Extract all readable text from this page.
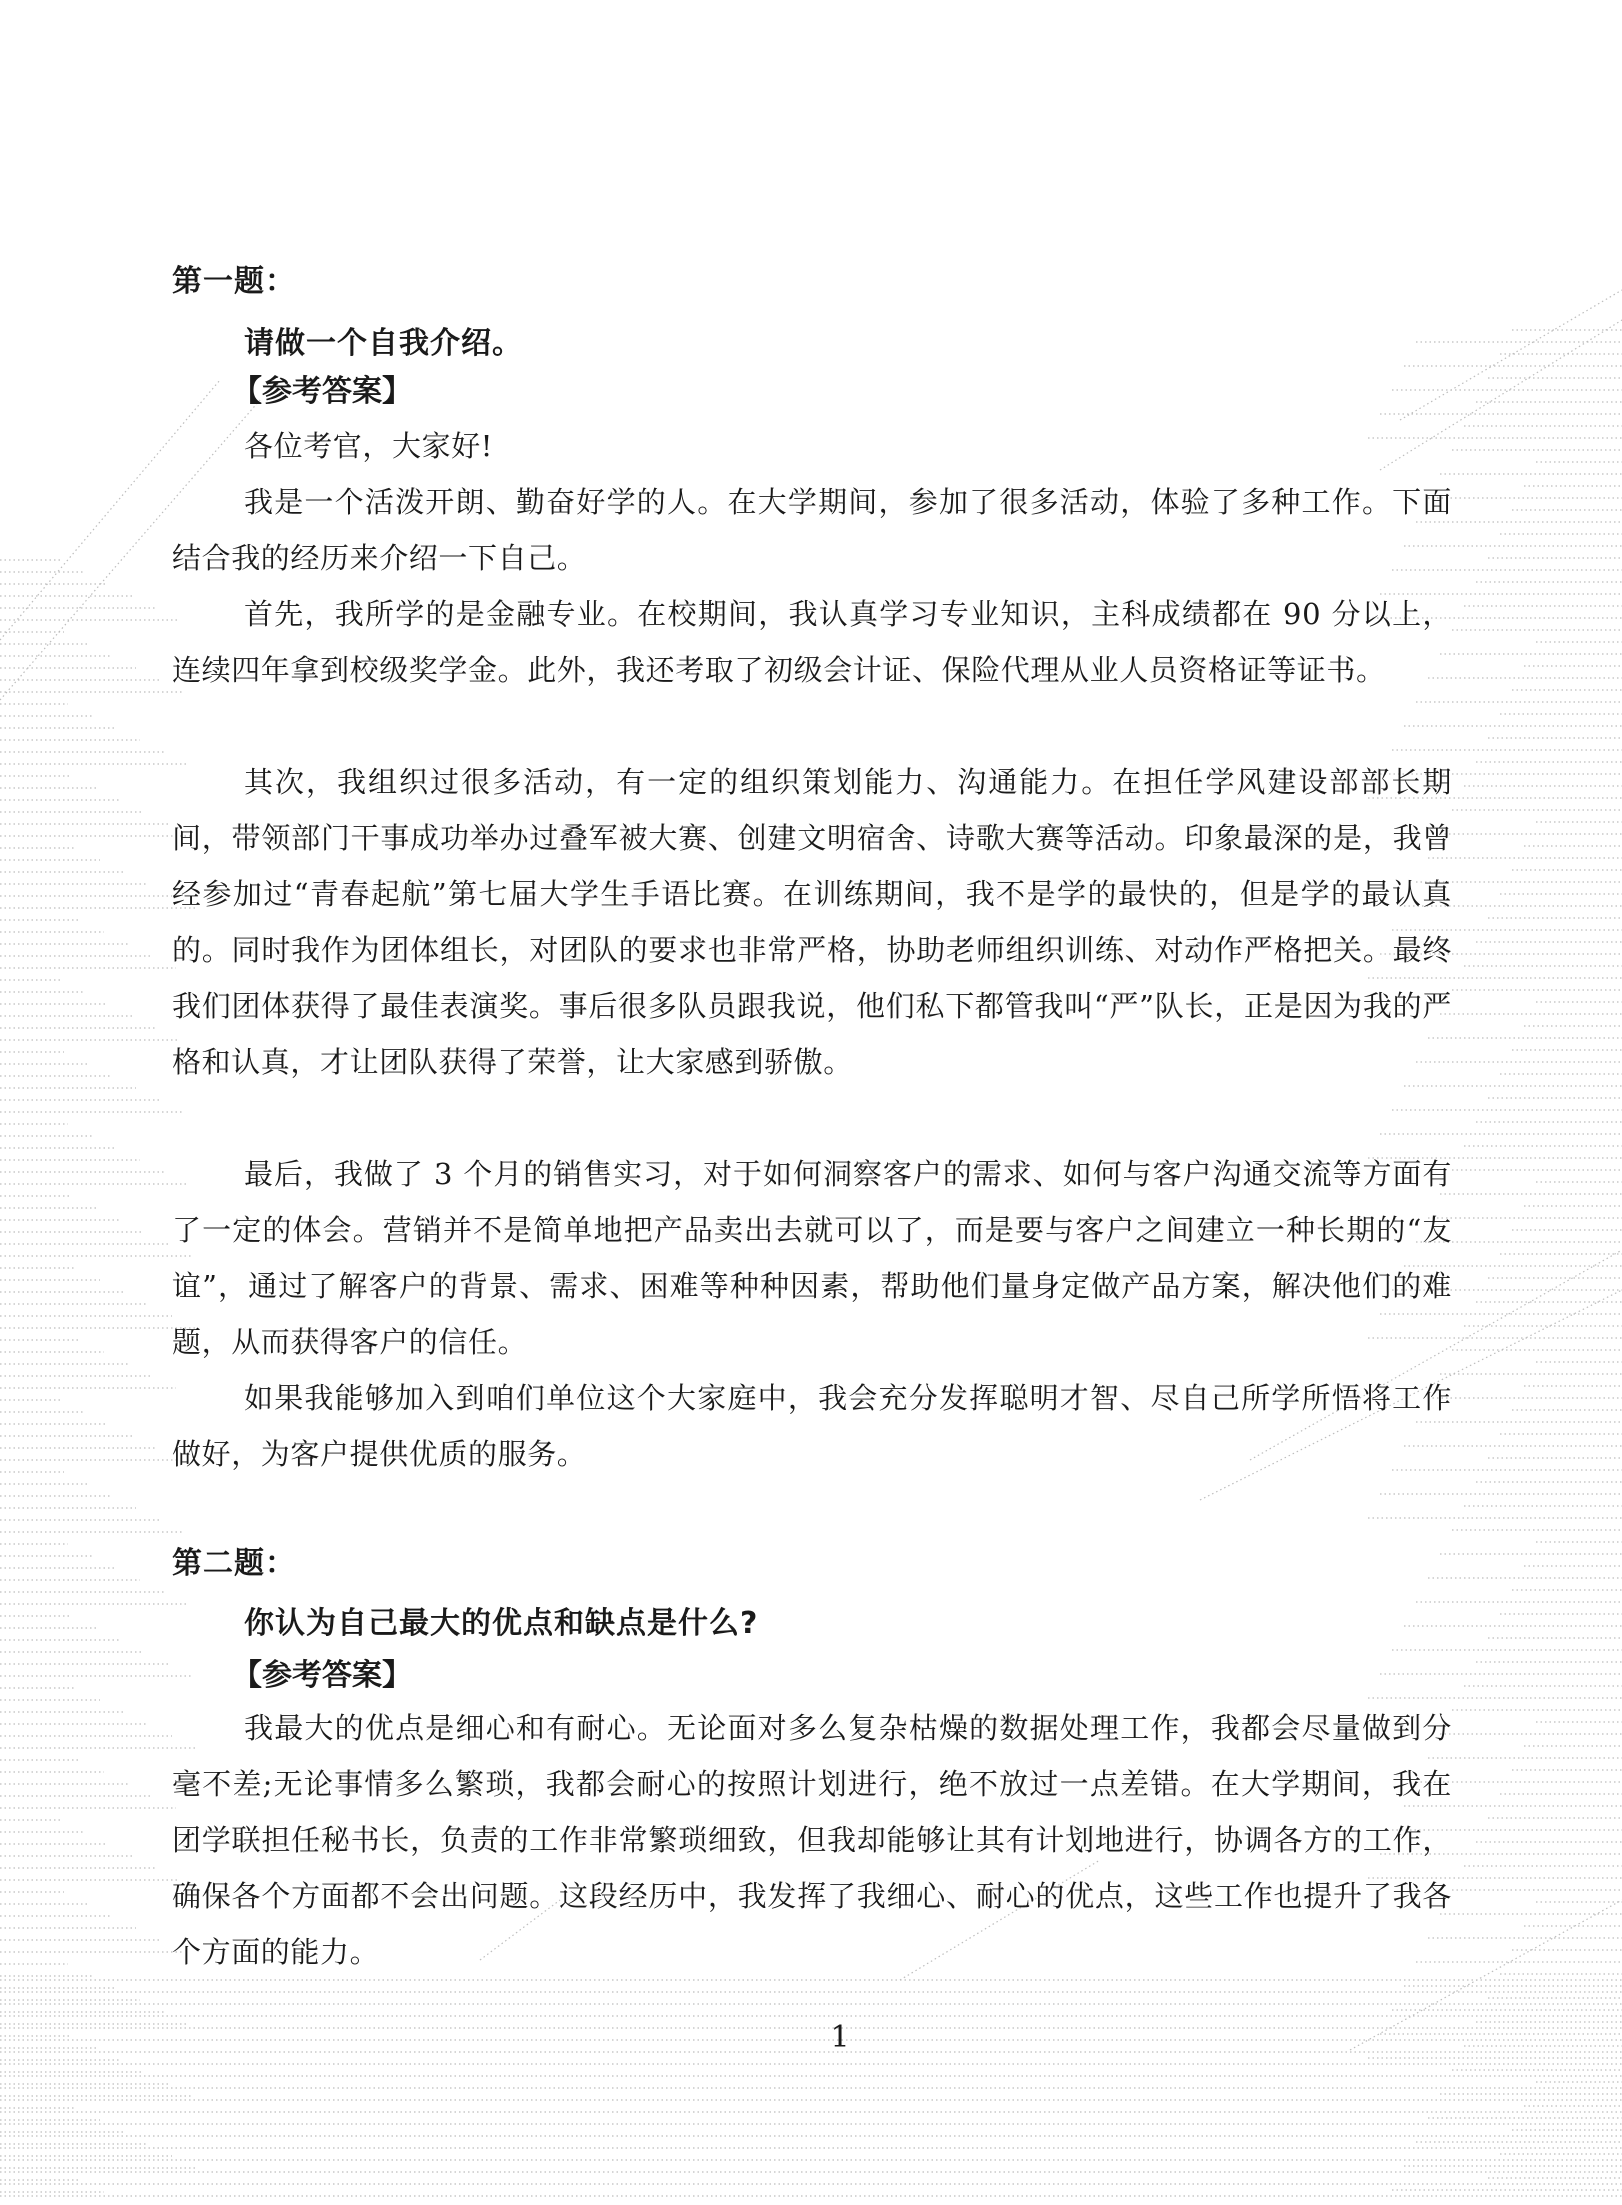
第一题：
请做一个自我介绍。
【参考答案】

各位考官，大家好!

我是一个活泼开朗、勤奋好学的人。在大学期间，参加了很多活动，体验了多种工作。下面结合我的经历来介绍一下自己。

首先，我所学的是金融专业。在校期间，我认真学习专业知识，主科成绩都在 90 分以上，连续四年拿到校级奖学金。此外，我还考取了初级会计证、保险代理从业人员资格证等证书。

其次，我组织过很多活动，有一定的组织策划能力、沟通能力。在担任学风建设部部长期间，带领部门干事成功举办过叠军被大赛、创建文明宿舍、诗歌大赛等活动。印象最深的是，我曾经参加过“青春起航”第七届大学生手语比赛。在训练期间，我不是学的最快的，但是学的最认真的。同时我作为团体组长，对团队的要求也非常严格，协助老师组织训练、对动作严格把关。最终我们团体获得了最佳表演奖。事后很多队员跟我说，他们私下都管我叫“严”队长，正是因为我的严格和认真，才让团队获得了荣誉，让大家感到骄傲。

最后，我做了 3 个月的销售实习，对于如何洞察客户的需求、如何与客户沟通交流等方面有了一定的体会。营销并不是简单地把产品卖出去就可以了，而是要与客户之间建立一种长期的“友谊”，通过了解客户的背景、需求、困难等种种因素，帮助他们量身定做产品方案，解决他们的难题，从而获得客户的信任。

如果我能够加入到咱们单位这个大家庭中，我会充分发挥聪明才智、尽自己所学所悟将工作做好，为客户提供优质的服务。

第二题：
你认为自己最大的优点和缺点是什么?
【参考答案】

我最大的优点是细心和有耐心。无论面对多么复杂枯燥的数据处理工作，我都会尽量做到分毫不差;无论事情多么繁琐，我都会耐心的按照计划进行，绝不放过一点差错。在大学期间，我在团学联担任秘书长，负责的工作非常繁琐细致，但我却能够让其有计划地进行，协调各方的工作，确保各个方面都不会出问题。这段经历中，我发挥了我细心、耐心的优点，这些工作也提升了我各个方面的能力。

1
